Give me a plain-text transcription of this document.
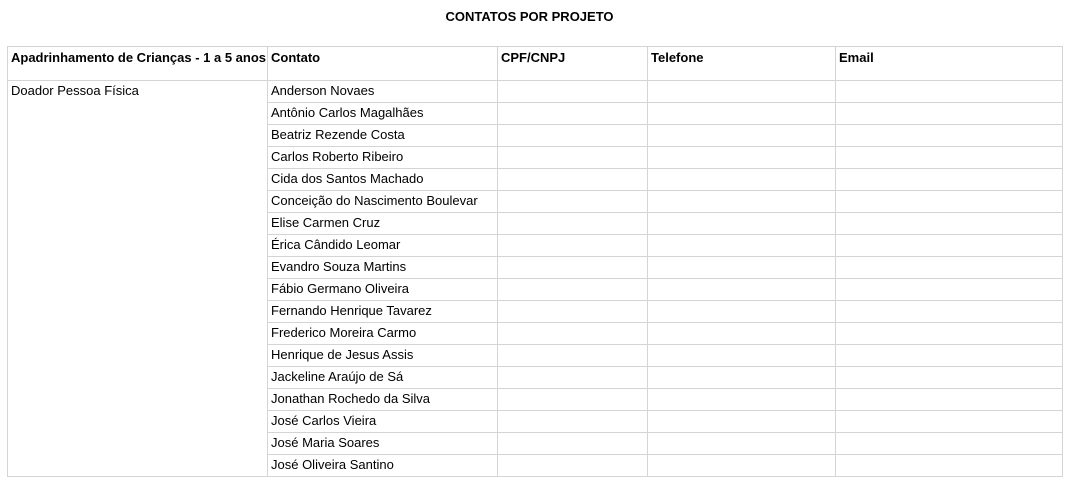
CONTATOS POR PROJETO
Apadrinhamento de Crianças - 1 a 5 anos	Contato	CPF/CNPJ	Telefone	Email
Doador Pessoa Física	Anderson Novaes			
	Antônio Carlos Magalhães			
	Beatriz Rezende Costa			
	Carlos Roberto Ribeiro			
	Cida dos Santos Machado			
	Conceição do Nascimento Boulevar			
	Elise Carmen Cruz			
	Érica Cândido Leomar			
	Evandro Souza Martins			
	Fábio Germano Oliveira			
	Fernando Henrique Tavarez			
	Frederico Moreira Carmo			
	Henrique de Jesus Assis			
	Jackeline Araújo de Sá			
	Jonathan Rochedo da Silva			
	José Carlos Vieira			
	José Maria Soares			
	José Oliveira Santino			
